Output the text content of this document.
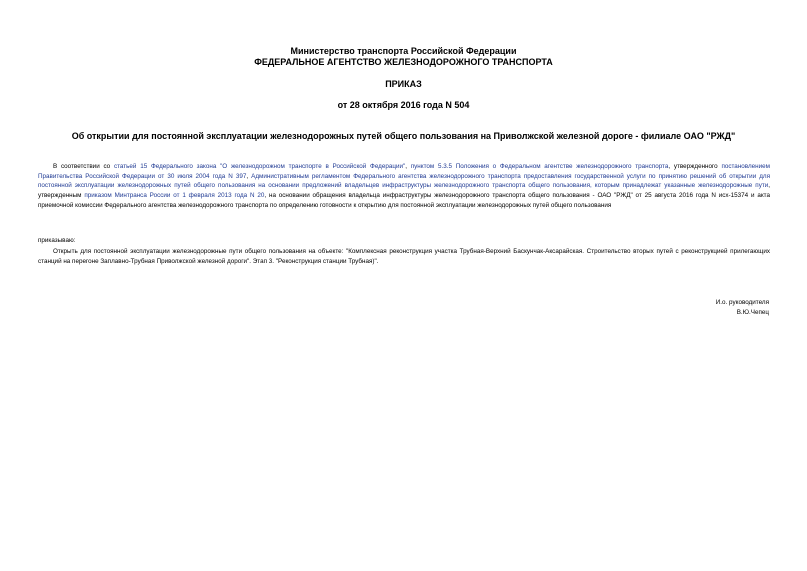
Министерство транспорта Российской Федерации
ФЕДЕРАЛЬНОЕ АГЕНТСТВО ЖЕЛЕЗНОДОРОЖНОГО ТРАНСПОРТА
ПРИКАЗ
от 28 октября 2016 года N 504
Об открытии для постоянной эксплуатации железнодорожных путей общего пользования на Приволжской железной дороге - филиале ОАО "РЖД"
В соответствии со статьей 15 Федерального закона "О железнодорожном транспорте в Российской Федерации", пунктом 5.3.5 Положения о Федеральном агентстве железнодорожного транспорта, утвержденного постановлением Правительства Российской Федерации от 30 июля 2004 года N 397, Административным регламентом Федерального агентства железнодорожного транспорта предоставления государственной услуги по принятию решений об открытии для постоянной эксплуатации железнодорожных путей общего пользования на основании предложений владельцев инфраструктуры железнодорожного транспорта общего пользования, которым принадлежат указанные железнодорожные пути, утвержденным приказом Минтранса России от 1 февраля 2013 года N 20, на основании обращения владельца инфраструктуры железнодорожного транспорта общего пользования - ОАО "РЖД" от 25 августа 2016 года N исх-15374 и акта приемочной комиссии Федерального агентства железнодорожного транспорта по определению готовности к открытию для постоянной эксплуатации железнодорожных путей общего пользования
приказываю:
Открыть для постоянной эксплуатации железнодорожные пути общего пользования на объекте: "Комплексная реконструкция участка Трубная-Верхний Баскунчак-Аксарайская. Строительство вторых путей с реконструкцией прилегающих станций на перегоне Заплавно-Трубная Приволжской железной дороги". Этап 3. "Реконструкция станции Трубная)".
И.о. руководителя
В.Ю.Чепец
